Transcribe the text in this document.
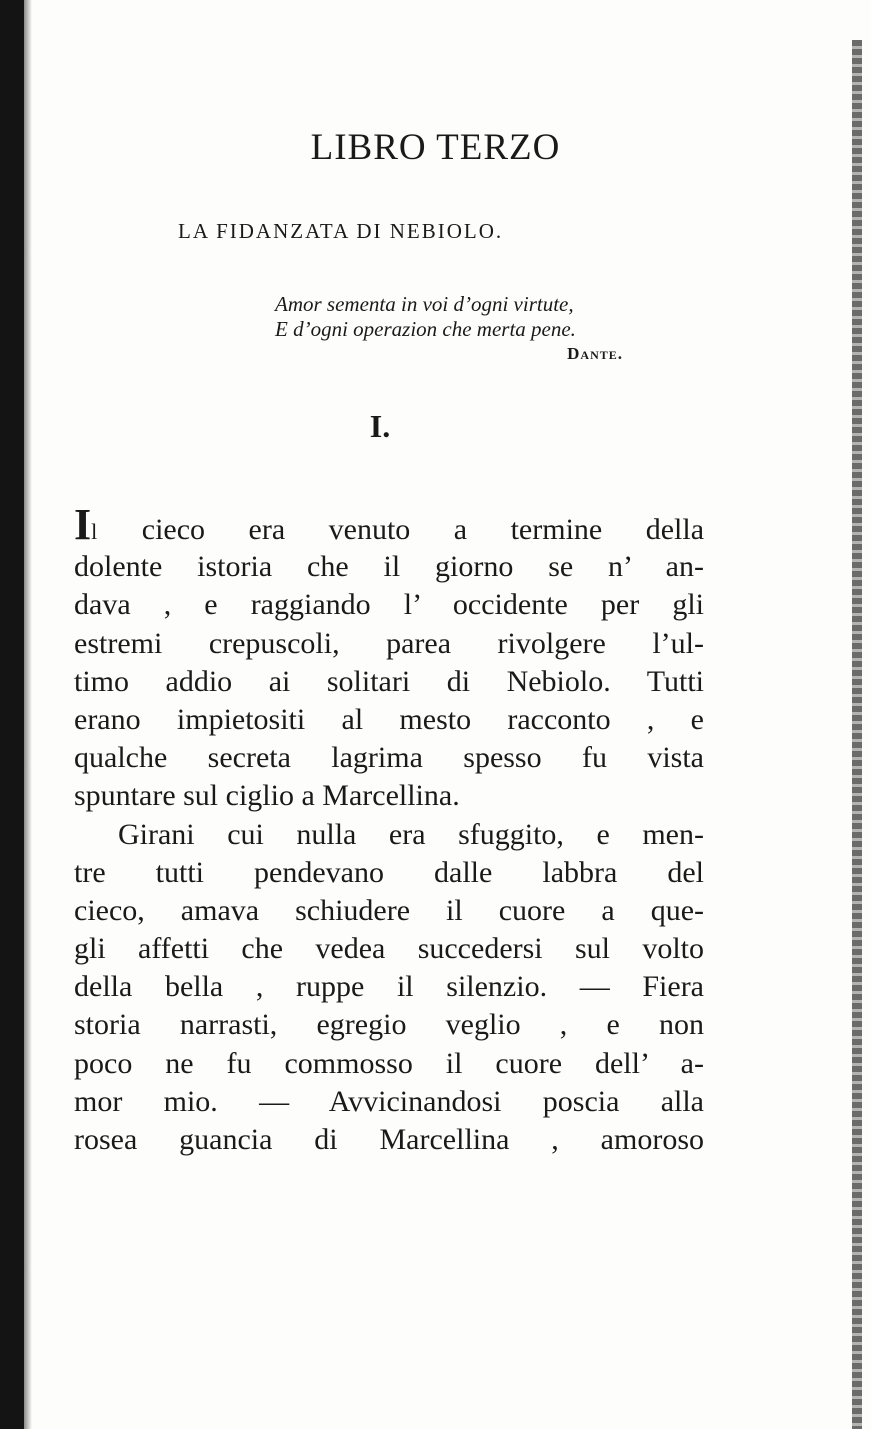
LIBRO TERZO
LA FIDANZATA DI NEBIOLO.
Amor sementa in voi d’ogni virtute,
E d’ogni operazion che merta pene.
Dante.
I.

Il cieco era venuto a termine della
dolente istoria che il giorno se n’ an-
dava , e raggiando l’ occidente per gli
estremi crepuscoli, parea rivolgere l’ul-
timo addio ai solitari di Nebiolo. Tutti
erano impietositi al mesto racconto , e
qualche secreta lagrima spesso fu vista
spuntare sul ciglio a Marcellina.

Girani cui nulla era sfuggito, e men-
tre tutti pendevano dalle labbra del
cieco, amava schiudere il cuore a que-
gli affetti che vedea succedersi sul volto
della bella , ruppe il silenzio. — Fiera
storia narrasti, egregio veglio , e non
poco ne fu commosso il cuore dell’ a-
mor mio. — Avvicinandosi poscia alla
rosea guancia di Marcellina , amoroso
